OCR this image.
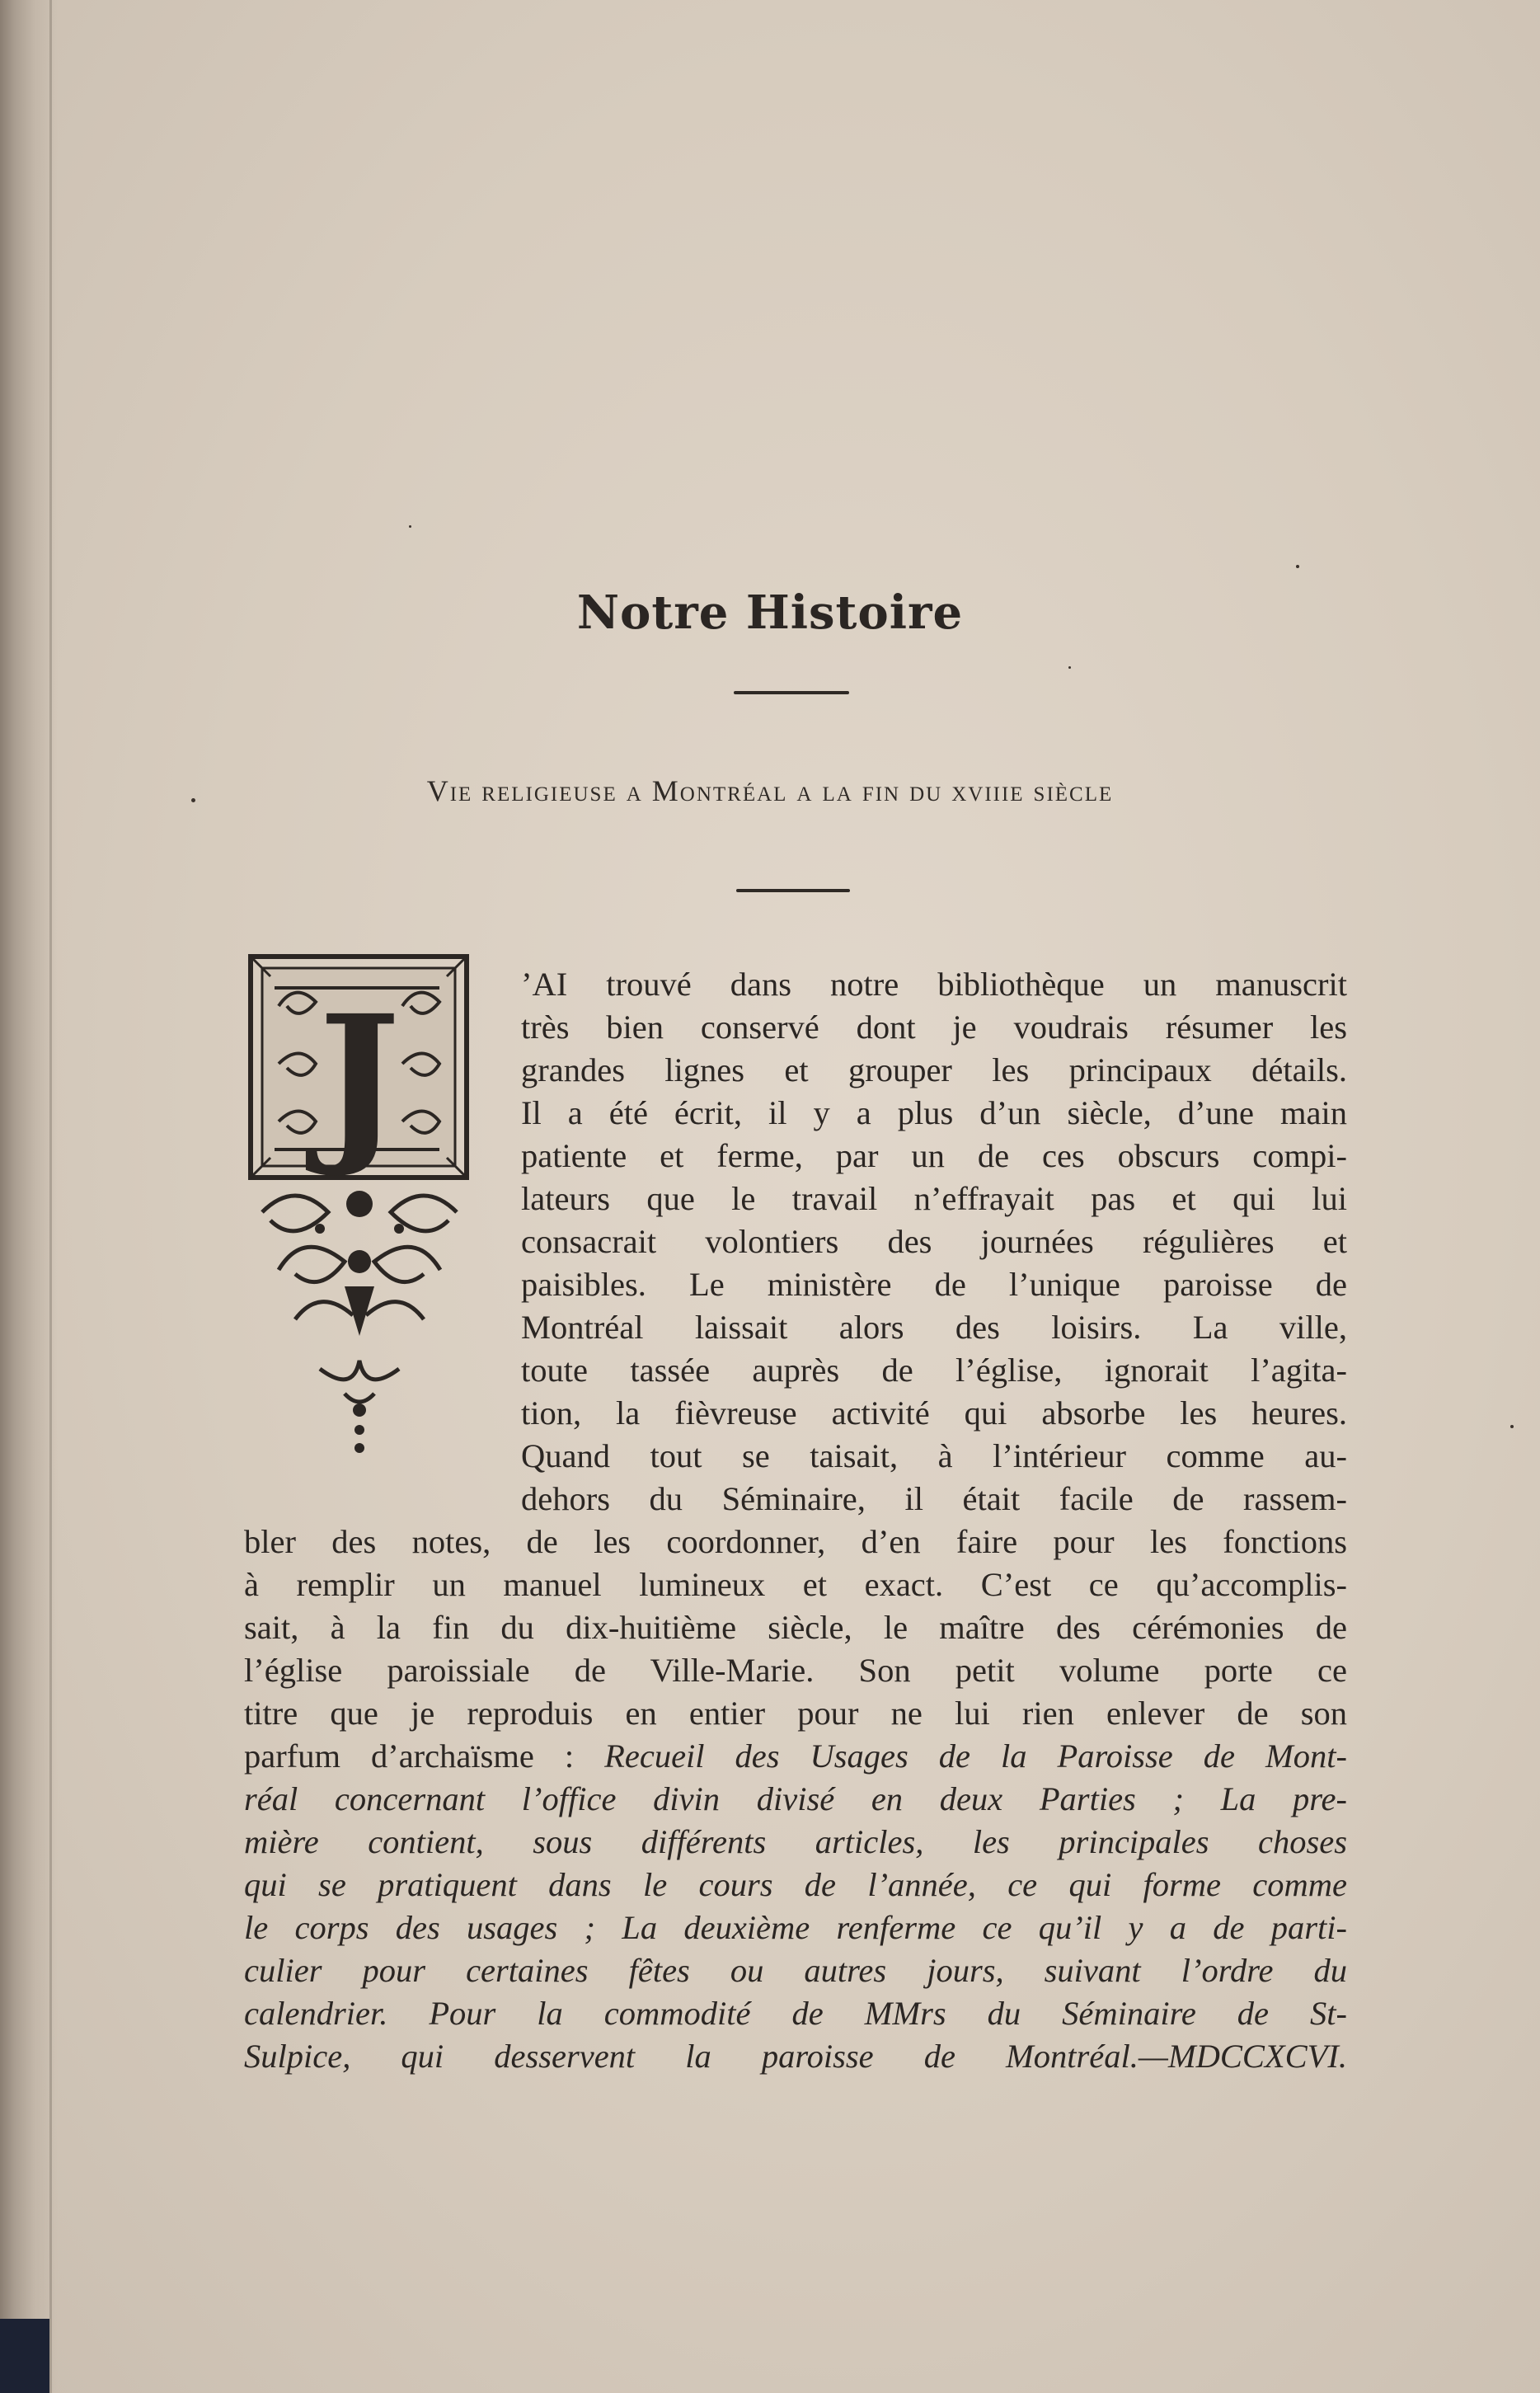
Notre Histoire
Vie religieuse a Montréal a la fin du xviiie siècle
J	’AI trouvé dans notre bibliothèque un manuscrit
très bien conservé dont je voudrais résumer les
grandes lignes et grouper les principaux détails.
Il a été écrit, il y a plus d’un siècle, d’une main
patiente et ferme, par un de ces obscurs compi-
lateurs que le travail n’effrayait pas et qui lui
consacrait volontiers des journées régulières et
paisibles. Le ministère de l’unique paroisse de
Montréal laissait alors des loisirs. La ville,
toute tassée auprès de l’église, ignorait l’agita-
tion, la fièvreuse activité qui absorbe les heures.
Quand tout se taisait, à l’intérieur comme au-
dehors du Séminaire, il était facile de rassem-
bler des notes, de les coordonner, d’en faire pour les fonctions
à remplir un manuel lumineux et exact. C’est ce qu’accomplis-
sait, à la fin du dix-huitième siècle, le maître des cérémonies de
l’église paroissiale de Ville-Marie. Son petit volume porte ce
titre que je reproduis en entier pour ne lui rien enlever de son
parfum d’archaïsme : Recueil des Usages de la Paroisse de Mont-
réal concernant l’office divin divisé en deux Parties ; La pre-
mière contient, sous différents articles, les principales choses
qui se pratiquent dans le cours de l’année, ce qui forme comme
le corps des usages ; La deuxième renferme ce qu’il y a de parti-
culier pour certaines fêtes ou autres jours, suivant l’ordre du
calendrier. Pour la commodité de MMrs du Séminaire de St-
Sulpice, qui desservent la paroisse de Montréal.—MDCCXCVI.
